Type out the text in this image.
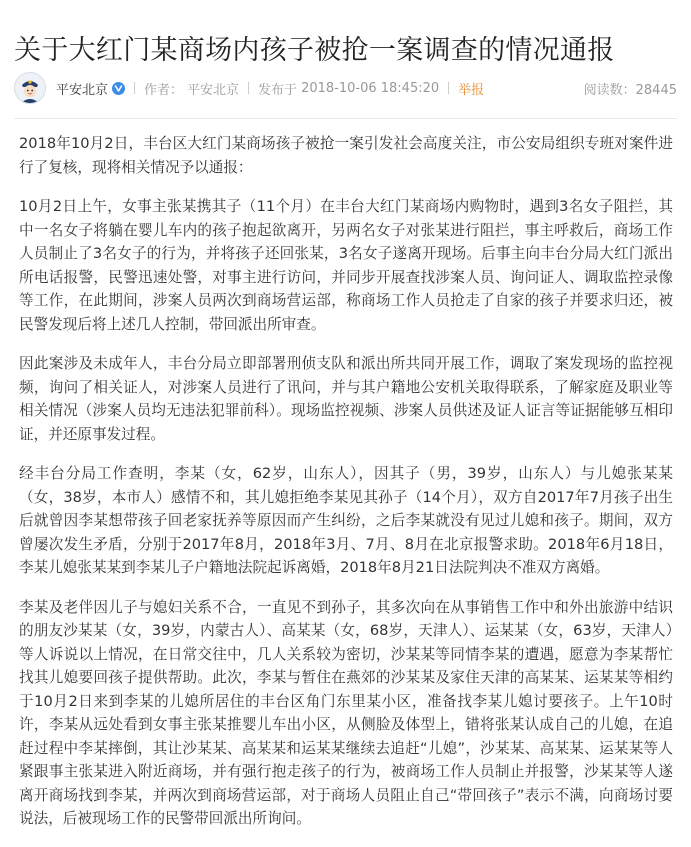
关于大红门某商场内孩子被抢一案调查的情况通报
平安北京	作者： 平安北京 发布于 2018-10-06 18:45:20 举报	阅读数：28445

2018年10月2日，丰台区大红门某商场孩子被抢一案引发社会高度关注，市公安局组织专班对案件进行了复核，现将相关情况予以通报：

10月2日上午，女事主张某携其子（11个月）在丰台大红门某商场内购物时，遇到3名女子阻拦，其中一名女子将躺在婴儿车内的孩子抱起欲离开，另两名女子对张某进行阻拦，事主呼救后，商场工作人员制止了3名女子的行为，并将孩子还回张某，3名女子遂离开现场。后事主向丰台分局大红门派出所电话报警，民警迅速处警，对事主进行访问，并同步开展查找涉案人员、询问证人、调取监控录像等工作，在此期间，涉案人员两次到商场营运部，称商场工作人员抢走了自家的孩子并要求归还，被民警发现后将上述几人控制，带回派出所审查。

因此案涉及未成年人，丰台分局立即部署刑侦支队和派出所共同开展工作，调取了案发现场的监控视频，询问了相关证人，对涉案人员进行了讯问，并与其户籍地公安机关取得联系，了解家庭及职业等相关情况（涉案人员均无违法犯罪前科）。现场监控视频、涉案人员供述及证人证言等证据能够互相印证，并还原事发过程。

经丰台分局工作查明，李某（女，62岁，山东人），因其子（男，39岁，山东人）与儿媳张某某（女，38岁，本市人）感情不和，其儿媳拒绝李某见其孙子（14个月），双方自2017年7月孩子出生后就曾因李某想带孩子回老家抚养等原因而产生纠纷，之后李某就没有见过儿媳和孩子。期间，双方曾屡次发生矛盾，分别于2017年8月，2018年3月、7月、8月在北京报警求助。2018年6月18日，李某儿媳张某某到李某儿子户籍地法院起诉离婚，2018年8月21日法院判决不准双方离婚。

李某及老伴因儿子与媳妇关系不合，一直见不到孙子，其多次向在从事销售工作中和外出旅游中结识的朋友沙某某（女，39岁，内蒙古人）、高某某（女，68岁，天津人）、运某某（女，63岁，天津人）等人诉说以上情况，在日常交往中，几人关系较为密切，沙某某等同情李某的遭遇，愿意为李某帮忙找其儿媳要回孩子提供帮助。此次，李某与暂住在燕郊的沙某某及家住天津的高某某、运某某等相约于10月2日来到李某的儿媳所居住的丰台区角门东里某小区，准备找李某儿媳讨要孩子。上午10时许，李某从远处看到女事主张某推婴儿车出小区，从侧脸及体型上，错将张某认成自己的儿媳，在追赶过程中李某摔倒，其让沙某某、高某某和运某某继续去追赶“儿媳”，沙某某、高某某、运某某等人紧跟事主张某进入附近商场，并有强行抱走孩子的行为，被商场工作人员制止并报警，沙某某等人遂离开商场找到李某，并两次到商场营运部，对于商场人员阻止自己“带回孩子”表示不满，向商场讨要说法，后被现场工作的民警带回派出所询问。
